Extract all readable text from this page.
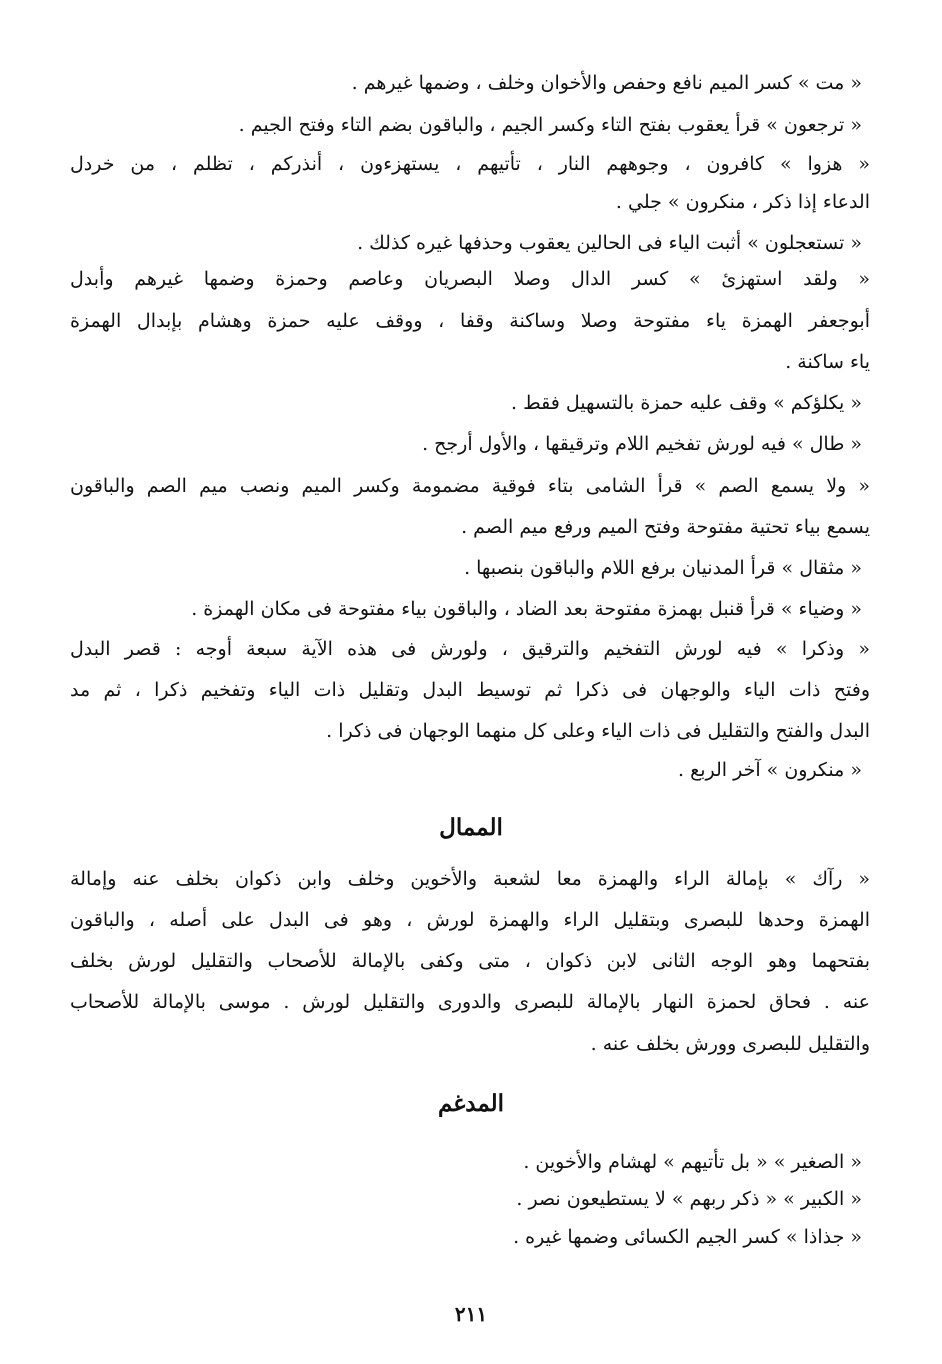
« مت » كسر الميم نافع وحفص والأخوان وخلف ، وضمها غيرهم .
« ترجعون » قرأ يعقوب بفتح التاء وكسر الجيم ، والباقون بضم التاء وفتح الجيم .
« هزوا » كافرون ، وجوههم النار ، تأتيهم ، يستهزءون ، أنذركم ، تظلم ، من خردل
الدعاء إذا ذكر ، منكرون » جلي .
« تستعجلون » أثبت الياء فى الحالين يعقوب وحذفها غيره كذلك .
« ولقد استهزئ » كسر الدال وصلا البصريان وعاصم وحمزة وضمها غيرهم وأبدل
أبوجعفر الهمزة ياء مفتوحة وصلا وساكنة وقفا ، ووقف عليه حمزة وهشام بإبدال الهمزة
ياء ساكنة .
« يكلؤكم » وقف عليه حمزة بالتسهيل فقط .
« طال » فيه لورش تفخيم اللام وترقيقها ، والأول أرجح .
« ولا يسمع الصم » قرأ الشامى بتاء فوقية مضمومة وكسر الميم ونصب ميم الصم والباقون
يسمع بياء تحتية مفتوحة وفتح الميم ورفع ميم الصم .
« مثقال » قرأ المدنيان برفع اللام والباقون بنصبها .
« وضياء » قرأ قنبل بهمزة مفتوحة بعد الضاد ، والباقون بياء مفتوحة فى مكان الهمزة .
« وذكرا » فيه لورش التفخيم والترقيق ، ولورش فى هذه الآية سبعة أوجه : قصر البدل
وفتح ذات الياء والوجهان فى ذكرا ثم توسيط البدل وتقليل ذات الياء وتفخيم ذكرا ، ثم مد
البدل والفتح والتقليل فى ذات الياء وعلى كل منهما الوجهان فى ذكرا .
« منكرون » آخر الربع .
الممال
« رآك » بإمالة الراء والهمزة معا لشعبة والأخوين وخلف وابن ذكوان بخلف عنه وإمالة
الهمزة وحدها للبصرى وبتقليل الراء والهمزة لورش ، وهو فى البدل على أصله ، والباقون
بفتحهما وهو الوجه الثانى لابن ذكوان ، متى وكفى بالإمالة للأصحاب والتقليل لورش بخلف
عنه . فحاق لحمزة النهار بالإمالة للبصرى والدورى والتقليل لورش . موسى بالإمالة للأصحاب
والتقليل للبصرى وورش بخلف عنه .
المدغم
« الصغير » « بل تأتيهم » لهشام والأخوين .
« الكبير » « ذكر ربهم » لا يستطيعون نصر .
« جذاذا » كسر الجيم الكسائى وضمها غيره .
٢١١
